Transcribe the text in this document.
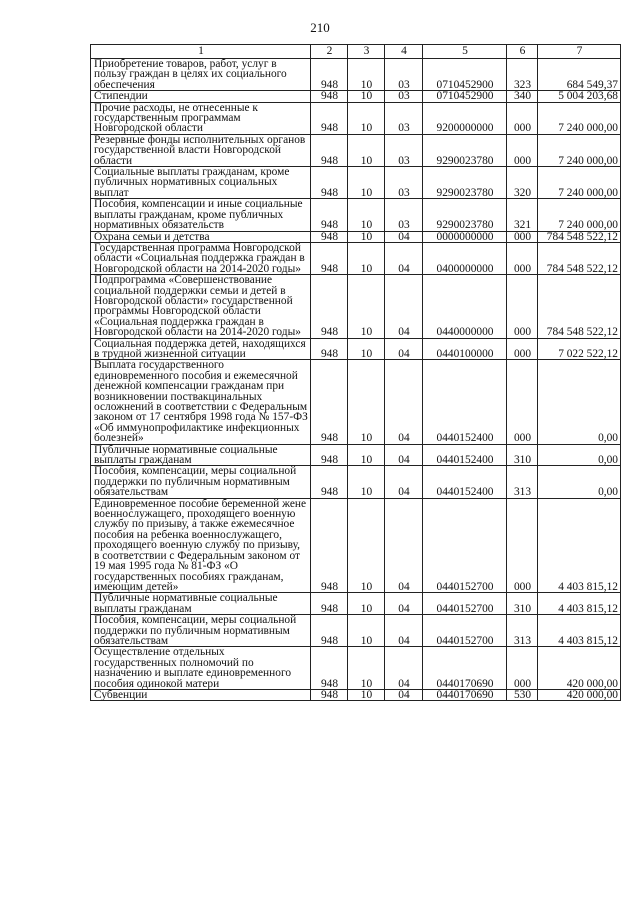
210
1	2	3	4	5	6	7
Приобретение товаров, работ, услуг в пользу граждан в целях их социального обеспечения	948	10	03	0710452900	323	684 549,37
Стипендии	948	10	03	0710452900	340	5 004 203,68
Прочие расходы, не отнесенные к государственным программам Новгородской области	948	10	03	9200000000	000	7 240 000,00
Резервные фонды исполнительных органов государственной власти Новгородской области	948	10	03	9290023780	000	7 240 000,00
Социальные выплаты гражданам, кроме публичных нормативных социальных выплат	948	10	03	9290023780	320	7 240 000,00
Пособия, компенсации и иные социальные выплаты гражданам, кроме публичных нормативных обязательств	948	10	03	9290023780	321	7 240 000,00
Охрана семьи и детства	948	10	04	0000000000	000	784 548 522,12
Государственная программа Новгородской области «Социальная поддержка граждан в Новгородской области на 2014-2020 годы»	948	10	04	0400000000	000	784 548 522,12
Подпрограмма «Совершенствование социальной поддержки семьи и детей в Новгородской области» государственной программы Новгородской области «Социальная поддержка граждан в Новгородской области на 2014-2020 годы»	948	10	04	0440000000	000	784 548 522,12
Социальная поддержка детей, находящихся в трудной жизненной ситуации	948	10	04	0440100000	000	7 022 522,12
Выплата государственного единовременного пособия и ежемесячной денежной компенсации гражданам при возникновении поствакцинальных осложнений в соответствии с Федеральным законом от 17 сентября 1998 года № 157-ФЗ «Об иммунопрофилактике инфекционных болезней»	948	10	04	0440152400	000	0,00
Публичные нормативные социальные выплаты гражданам	948	10	04	0440152400	310	0,00
Пособия, компенсации, меры социальной поддержки по публичным нормативным обязательствам	948	10	04	0440152400	313	0,00
Единовременное пособие беременной жене военнослужащего, проходящего военную службу по призыву, а также ежемесячное пособия на ребенка военнослужащего, проходящего военную службу по призыву, в соответствии с Федеральным законом от 19 мая 1995 года № 81-ФЗ «О государственных пособиях гражданам, имеющим детей»	948	10	04	0440152700	000	4 403 815,12
Публичные нормативные социальные выплаты гражданам	948	10	04	0440152700	310	4 403 815,12
Пособия, компенсации, меры социальной поддержки по публичным нормативным обязательствам	948	10	04	0440152700	313	4 403 815,12
Осуществление отдельных государственных полномочий по назначению и выплате единовременного пособия одинокой матери	948	10	04	0440170690	000	420 000,00
Субвенции	948	10	04	0440170690	530	420 000,00
